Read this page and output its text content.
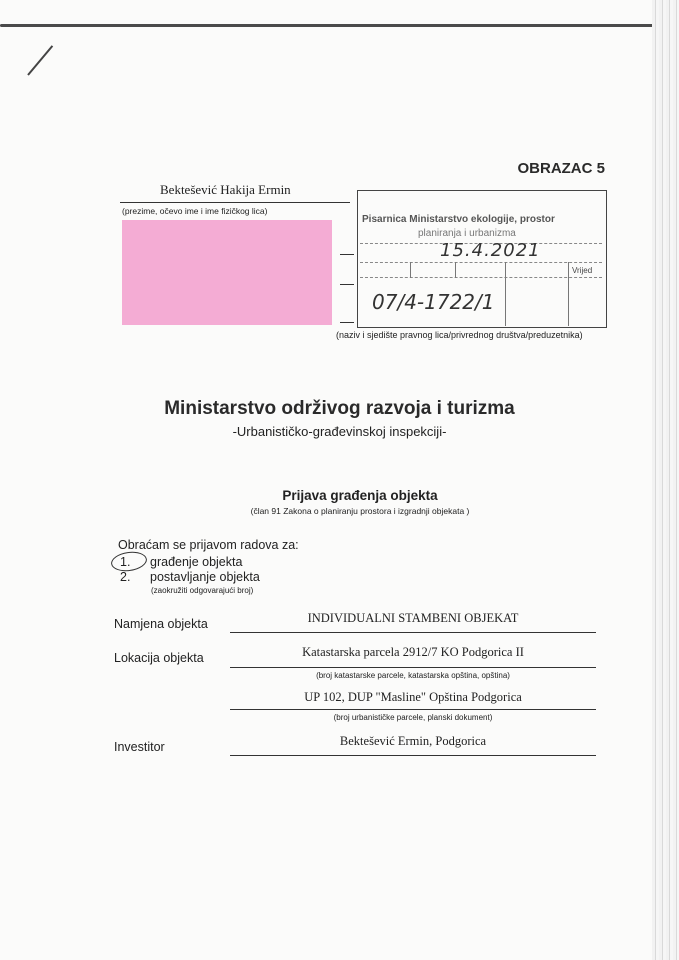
OBRAZAC 5
Bektešević Hakija Ermin
(prezime, očevo ime i ime fizičkog lica)
Pisarnica Ministarstvo ekologije, prostor
planiranja i urbanizma
Vrijed
15.4.2021
07/4-1722/1
(naziv i sjedište pravnog lica/privrednog društva/preduzetnika)
Ministarstvo održivog razvoja i turizma
-Urbanističko-građevinskoj inspekciji-
Prijava građenja objekta
(član 91 Zakona o planiranju prostora i izgradnji objekata )
Obraćam se prijavom radova za:
1. građenje objekta
2. postavljanje objekta
(zaokružiti odgovarajući broj)
Namjena objekta	INDIVIDUALNI STAMBENI OBJEKAT
Lokacija objekta	Katastarska parcela 2912/7 KO Podgorica II
(broj katastarske parcele, katastarska opština, opština)
UP 102, DUP "Masline" Opština Podgorica
(broj urbanističke parcele, planski dokument)
Investitor	Bektešević Ermin, Podgorica
